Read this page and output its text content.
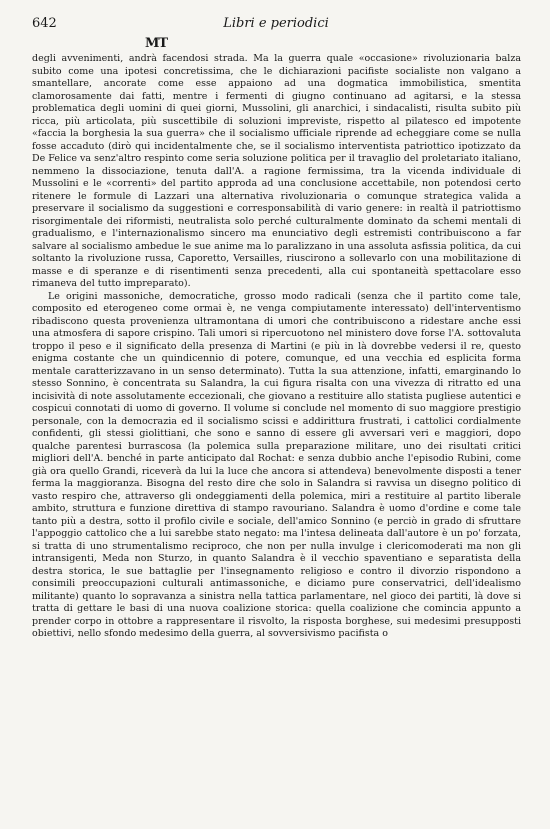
642	Libri e periodici
MT

degli avvenimenti, andrà facendosi strada. Ma la guerra quale «occasione» rivoluzionaria balza subito come una ipotesi concretissima, che le dichiarazioni pacifiste socialiste non valgano a smantellare, ancorate come esse appaiono ad una dogmatica immobilistica, smentita clamorosamente dai fatti, mentre i fermenti di giugno continuano ad agitarsi, e la stessa problematica degli uomini di quei giorni, Mussolini, gli anarchici, i sindacalisti, risulta subito più ricca, più articolata, più suscettibile di soluzioni impreviste, rispetto al pilatesco ed impotente «faccia la borghesia la sua guerra» che il socialismo ufficiale riprende ad echeggiare come se nulla fosse accaduto (dirò qui incidentalmente che, se il socialismo interventista patriottico ipotizzato da De Felice va senz'altro respinto come seria soluzione politica per il travaglio del proletariato italiano, nemmeno la dissociazione, tenuta dall'A. a ragione fermissima, tra la vicenda individuale di Mussolini e le «correnti» del partito approda ad una conclusione accettabile, non potendosi certo ritenere le formule di Lazzari una alternativa rivoluzionaria o comunque strategica valida a preservare il socialismo da suggestioni e corresponsabilità di vario genere: in realtà il patriottismo risorgimentale dei riformisti, neutralista solo perché culturalmente dominato da schemi mentali di gradualismo, e l'internazionalismo sincero ma enunciativo degli estremisti contribuiscono a far salvare al socialismo ambedue le sue anime ma lo paralizzano in una assoluta asfissia politica, da cui soltanto la rivoluzione russa, Caporetto, Versailles, riuscirono a sollevarlo con una mobilitazione di masse e di speranze e di risentimenti senza precedenti, alla cui spontaneità spettacolare esso rimaneva del tutto impreparato).

Le origini massoniche, democratiche, grosso modo radicali (senza che il partito come tale, composito ed eterogeneo come ormai è, ne venga compiutamente interessato) dell'interventismo ribadiscono questa provenienza ultramontana di umori che contribuiscono a ridestare anche essi una atmosfera di sapore crispino. Tali umori si ripercuotono nel ministero dove forse l'A. sottovaluta troppo il peso e il significato della presenza di Martini (e più in là dovrebbe vedersi il re, questo enigma costante che un quindicennio di potere, comunque, ed una vecchia ed esplicita forma mentale caratterizzavano in un senso determinato). Tutta la sua attenzione, infatti, emarginando lo stesso Sonnino, è concentrata su Salandra, la cui figura risalta con una vivezza di ritratto ed una incisività di note assolutamente eccezionali, che giovano a restituire allo statista pugliese autentici e cospicui connotati di uomo di governo. Il volume si conclude nel momento di suo maggiore prestigio personale, con la democrazia ed il socialismo scissi e addirittura frustrati, i cattolici cordialmente confidenti, gli stessi giolittiani, che sono e sanno di essere gli avversari veri e maggiori, dopo qualche parentesi burrascosa (la polemica sulla preparazione militare, uno dei risultati critici migliori dell'A. benché in parte anticipato dal Rochat: e senza dubbio anche l'episodio Rubini, come già ora quello Grandi, riceverà da lui la luce che ancora si attendeva) benevolmente disposti a tener ferma la maggioranza. Bisogna del resto dire che solo in Salandra si ravvisa un disegno politico di vasto respiro che, attraverso gli ondeggiamenti della polemica, miri a restituire al partito liberale ambito, struttura e funzione direttiva di stampo ravouriano. Salandra è uomo d'ordine e come tale tanto più a destra, sotto il profilo civile e sociale, dell'amico Sonnino (e perciò in grado di sfruttare l'appoggio cattolico che a lui sarebbe stato negato: ma l'intesa delineata dall'autore è un po' forzata, si tratta di uno strumentalismo reciproco, che non per nulla invulge i clericomoderati ma non gli intransigenti, Meda non Sturzo, in quanto Salandra è il vecchio spaventiano e separatista della destra storica, le sue battaglie per l'insegnamento religioso e contro il divorzio rispondono a consimili preoccupazioni culturali antimassoniche, e diciamo pure conservatrici, dell'idealismo militante) quanto lo sopravanza a sinistra nella tattica parlamentare, nel gioco dei partiti, là dove si tratta di gettare le basi di una nuova coalizione storica: quella coalizione che comincia appunto a prender corpo in ottobre a rappresentare il risvolto, la risposta borghese, sui medesimi presupposti obiettivi, nello sfondo medesimo della guerra, al sovversivismo pacifista o
